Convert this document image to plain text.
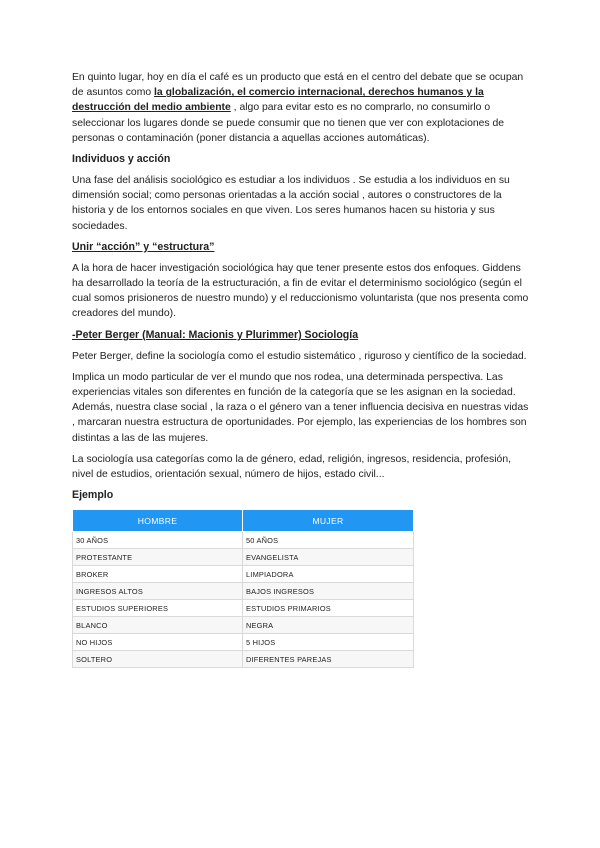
En quinto lugar, hoy en día el café es un producto que está en el centro del debate que se ocupan de asuntos como la globalización, el comercio internacional, derechos humanos y la destrucción del medio ambiente , algo para evitar esto es no comprarlo, no consumirlo o seleccionar los lugares donde se puede consumir que no tienen que ver con explotaciones de personas o contaminación (poner distancia a aquellas acciones automáticas).

Individuos y acción

Una fase del análisis sociológico es estudiar a los individuos . Se estudia a los individuos en su dimensión social; como personas orientadas a la acción social , autores o constructores de la historia y de los entornos sociales en que viven. Los seres humanos hacen su historia y sus sociedades.

Unir “acción” y “estructura”

A la hora de hacer investigación sociológica hay que tener presente estos dos enfoques. Giddens ha desarrollado la teoría de la estructuración, a fin de evitar el determinismo sociológico (según el cual somos prisioneros de nuestro mundo) y el reduccionismo voluntarista (que nos presenta como creadores del mundo).

-Peter Berger (Manual: Macionis y Plurimmer) Sociología

Peter Berger, define la sociología como el estudio sistemático , riguroso y científico de la sociedad.

Implica un modo particular de ver el mundo que nos rodea, una determinada perspectiva. Las experiencias vitales son diferentes en función de la categoría que se les asignan en la sociedad. Además, nuestra clase social , la raza o el género van a tener influencia decisiva en nuestras vidas , marcaran nuestra estructura de oportunidades. Por ejemplo, las experiencias de los hombres son distintas a las de las mujeres.

La sociología usa categorías como la de género, edad, religión, ingresos, residencia, profesión, nivel de estudios, orientación sexual, número de hijos, estado civil...

Ejemplo
HOMBRE	MUJER
30 AÑOS	50 AÑOS
PROTESTANTE	EVANGELISTA
BROKER	LIMPIADORA
INGRESOS ALTOS	BAJOS INGRESOS
ESTUDIOS SUPERIORES	ESTUDIOS PRIMARIOS
BLANCO	NEGRA
NO HIJOS	5 HIJOS
SOLTERO	DIFERENTES PAREJAS
